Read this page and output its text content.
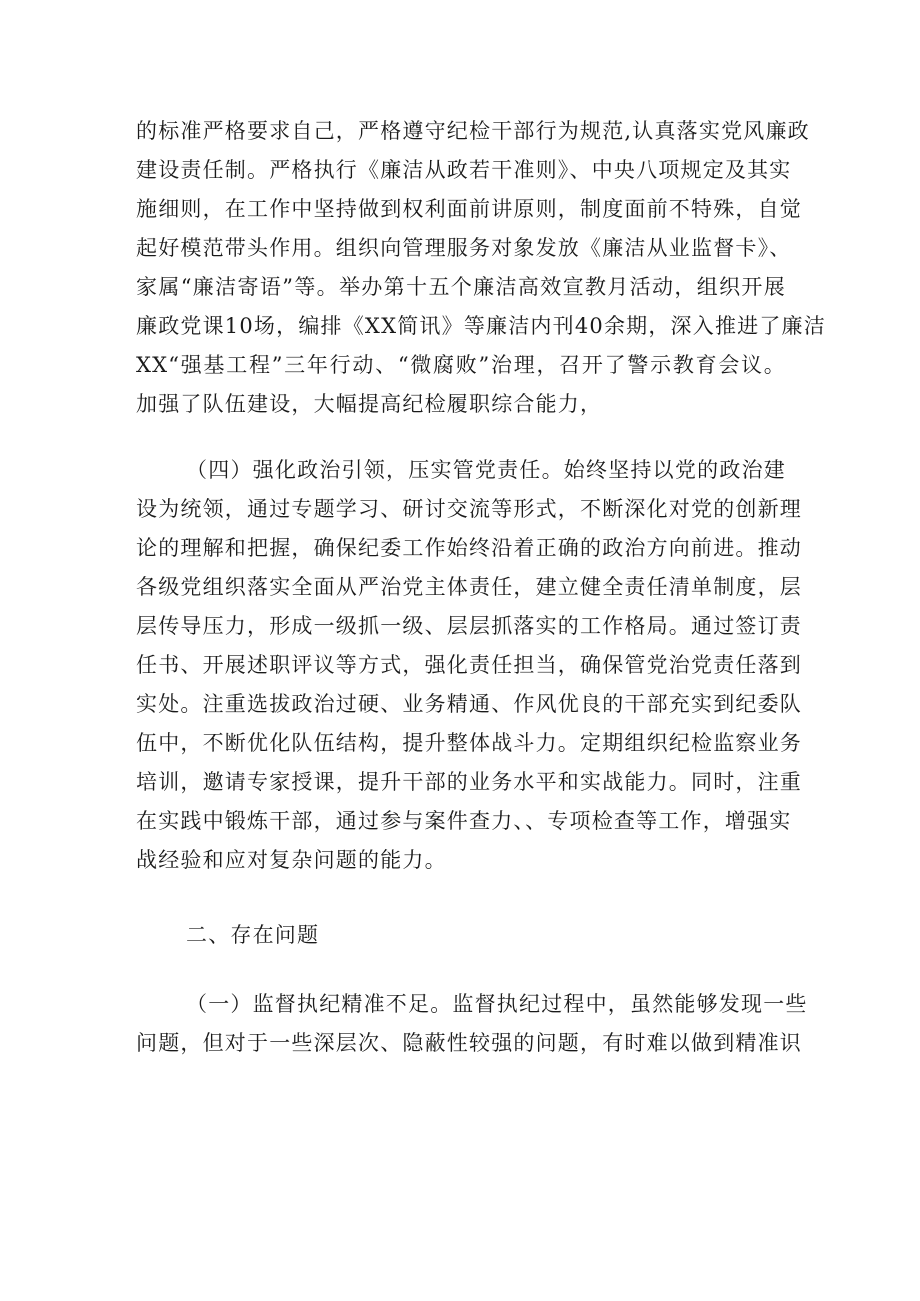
的标准严格要求自己，严格遵守纪检干部行为规范,认真落实党风廉政
建设责任制。严格执行《廉洁从政若干准则》、中央八项规定及其实
施细则，在工作中坚持做到权利面前讲原则，制度面前不特殊，自觉
起好模范带头作用。组织向管理服务对象发放《廉洁从业监督卡》、
家属“廉洁寄语”等。举办第十五个廉洁高效宣教月活动，组织开展
廉政党课10场，编排《XX简讯》等廉洁内刊40余期，深入推进了廉洁
XX“强基工程”三年行动、“微腐败”治理，召开了警示教育会议。
加强了队伍建设，大幅提高纪检履职综合能力，
（四）强化政治引领，压实管党责任。始终坚持以党的政治建
设为统领，通过专题学习、研讨交流等形式，不断深化对党的创新理
论的理解和把握，确保纪委工作始终沿着正确的政治方向前进。推动
各级党组织落实全面从严治党主体责任，建立健全责任清单制度，层
层传导压力，形成一级抓一级、层层抓落实的工作格局。通过签订责
任书、开展述职评议等方式，强化责任担当，确保管党治党责任落到
实处。注重选拔政治过硬、业务精通、作风优良的干部充实到纪委队
伍中，不断优化队伍结构，提升整体战斗力。定期组织纪检监察业务
培训，邀请专家授课，提升干部的业务水平和实战能力。同时，注重
在实践中锻炼干部，通过参与案件查力、、专项检查等工作，增强实
战经验和应对复杂问题的能力。
二、存在问题
（一）监督执纪精准不足。监督执纪过程中，虽然能够发现一些
问题，但对于一些深层次、隐蔽性较强的问题，有时难以做到精准识
